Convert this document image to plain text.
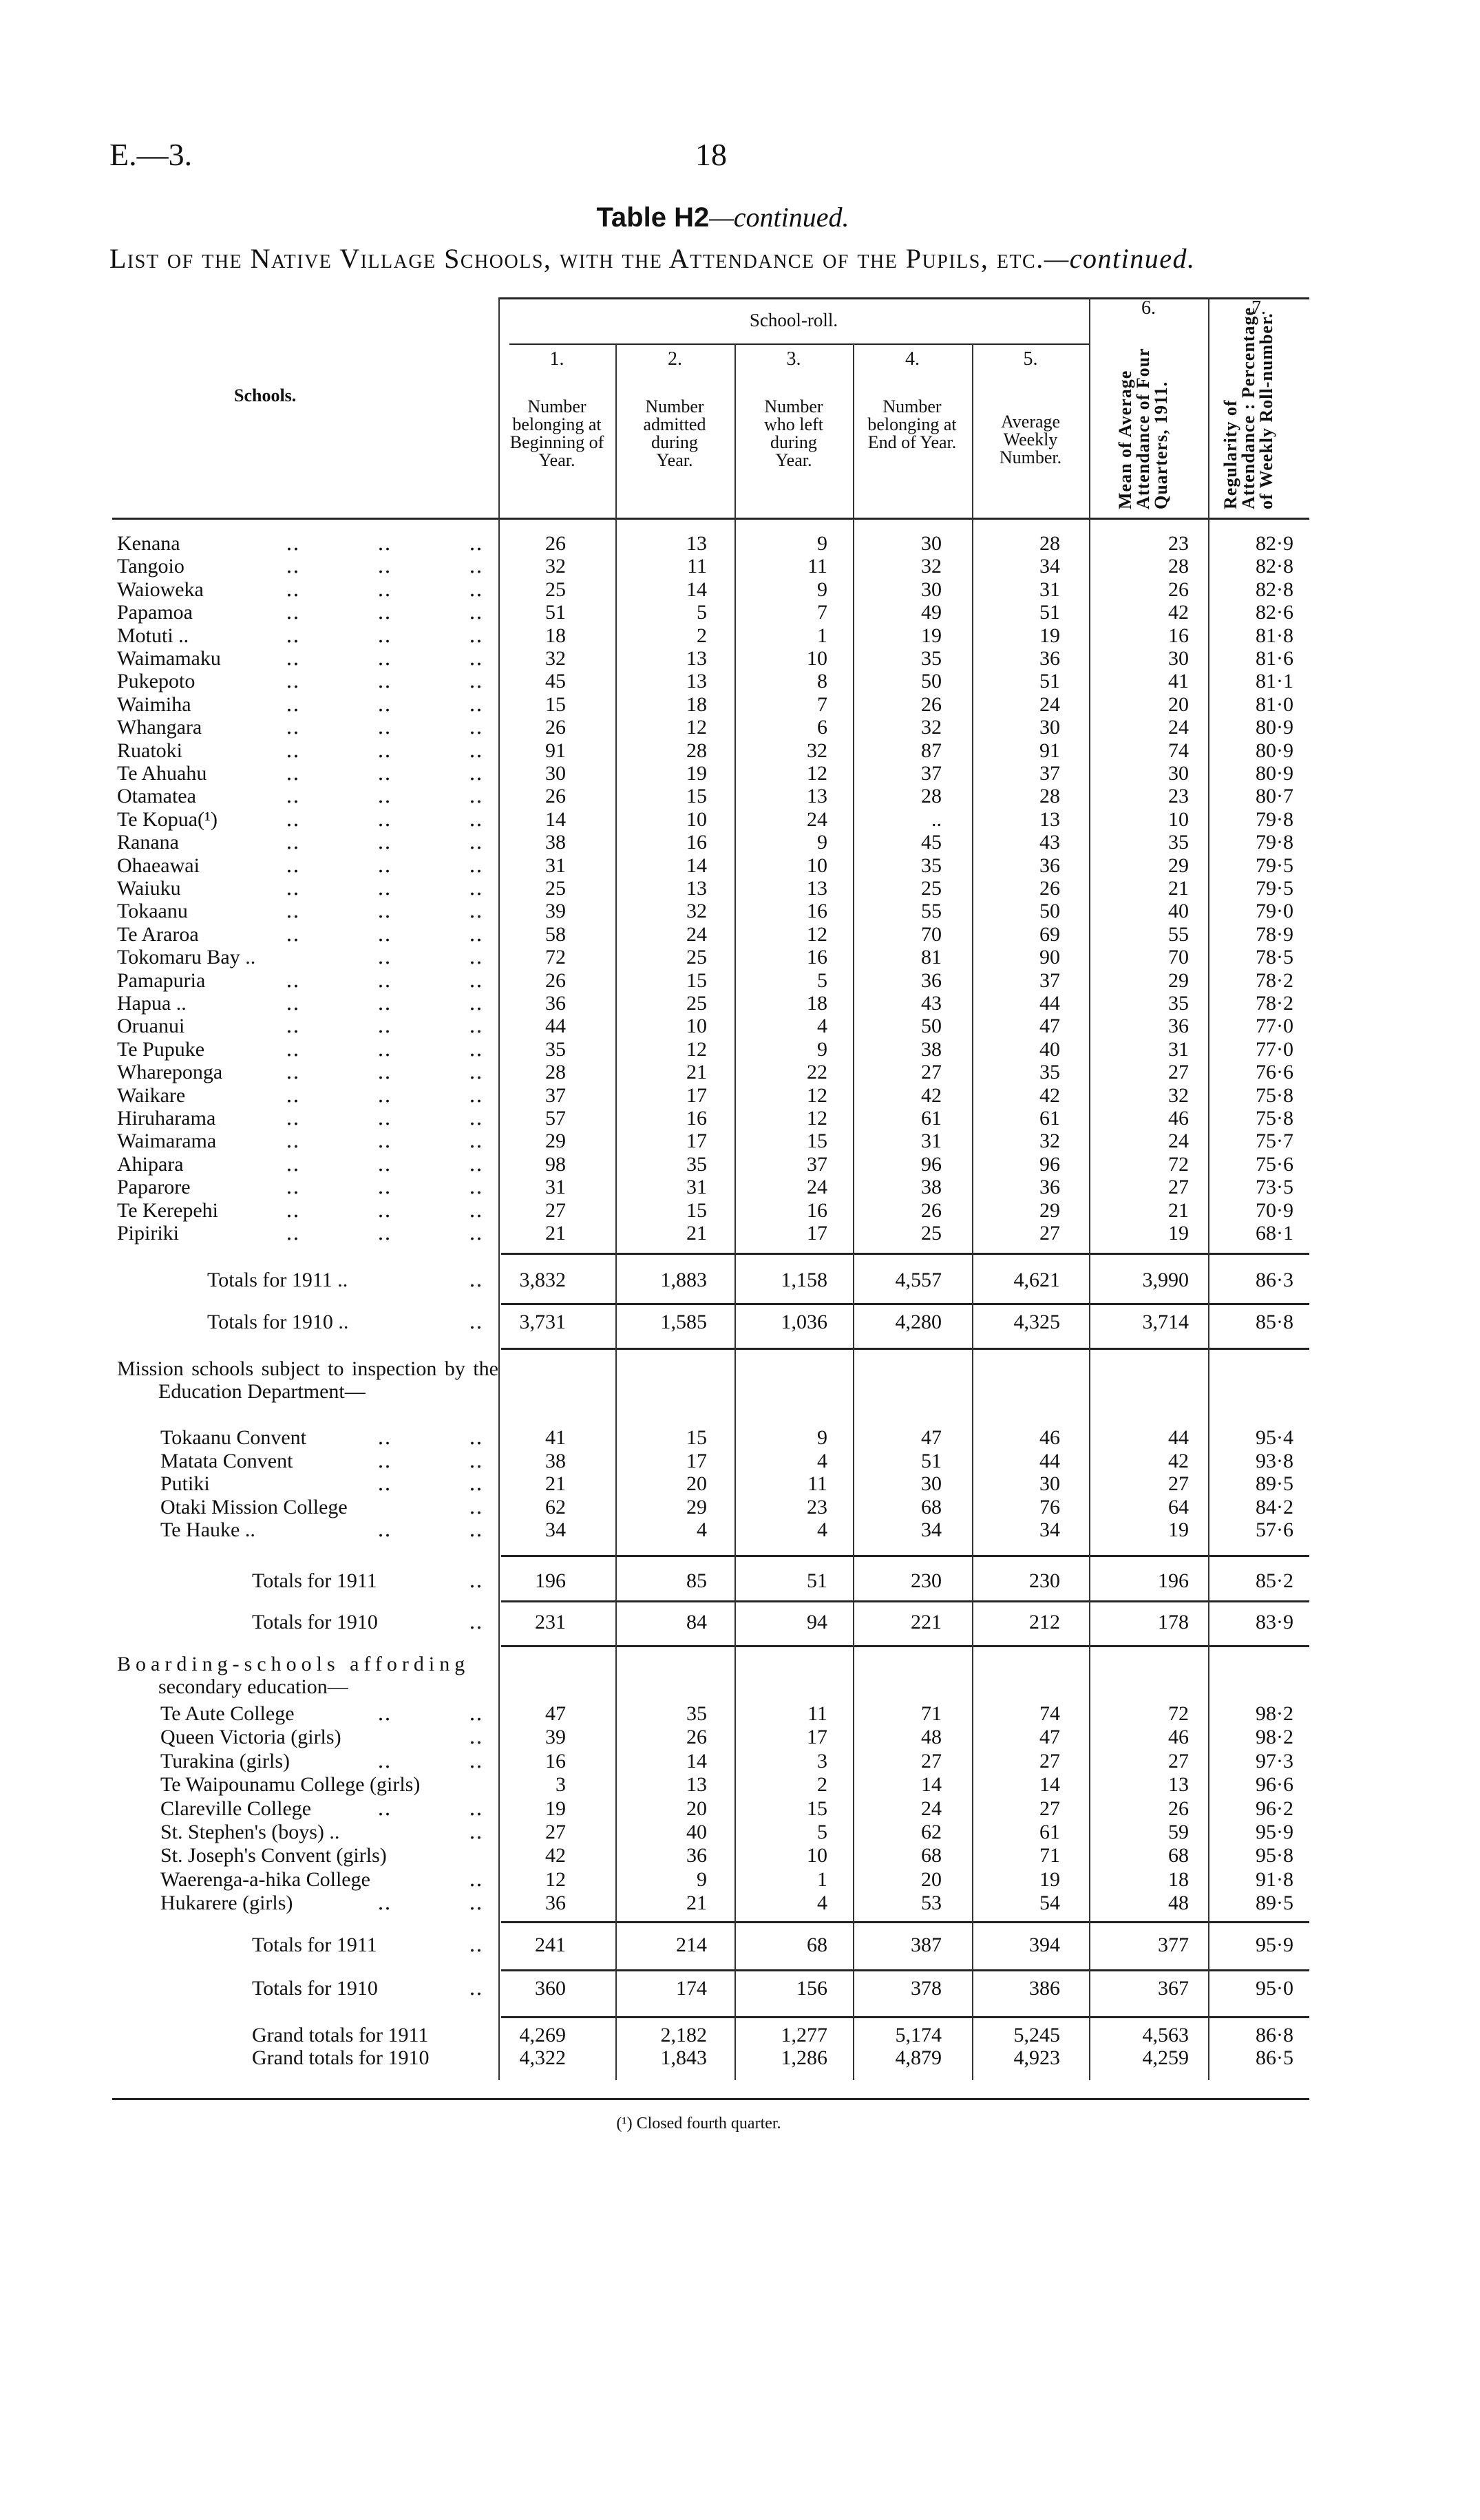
E.—3.	18
Table H2—continued.
List of the Native Village Schools, with the Attendance of the Pupils, etc.—continued.
Schools.
School-roll.
1.	2.	3.	4.	5.
6.	7.
Number belonging at Beginning of Year.
Number admitted during Year.
Number who left during Year.
Number belonging at End of Year.
Average Weekly Number.	Mean of Average Attendance of Four Quarters, 1911.	Regularity of Attendance : Percentage of Weekly Roll-number.
Mission schools subject to inspection by the Education Department—
Boarding-schools affording
secondary education—
Kenana	․․	․․	․․	26	13	9	30	28	23	82·9
Tangoio	․․	․․	․․	32	11	11	32	34	28	82·8
Waioweka	․․	․․	․․	25	14	9	30	31	26	82·8
Papamoa	․․	․․	․․	51	5	7	49	51	42	82·6
Motuti ..	․․	․․	․․	18	2	1	19	19	16	81·8
Waimamaku	․․	․․	․․	32	13	10	35	36	30	81·6
Pukepoto	․․	․․	․․	45	13	8	50	51	41	81·1
Waimiha	․․	․․	․․	15	18	7	26	24	20	81·0
Whangara	․․	․․	․․	26	12	6	32	30	24	80·9
Ruatoki	․․	․․	․․	91	28	32	87	91	74	80·9
Te Ahuahu	․․	․․	․․	30	19	12	37	37	30	80·9
Otamatea	․․	․․	․․	26	15	13	28	28	23	80·7
Te Kopua(¹)	․․	․․	․․	14	10	24	..	13	10	79·8
Ranana	․․	․․	․․	38	16	9	45	43	35	79·8
Ohaeawai	․․	․․	․․	31	14	10	35	36	29	79·5
Waiuku	․․	․․	․․	25	13	13	25	26	21	79·5
Tokaanu	․․	․․	․․	39	32	16	55	50	40	79·0
Te Araroa	․․	․․	․․	58	24	12	70	69	55	78·9
Tokomaru Bay ..	․․	․․	72	25	16	81	90	70	78·5
Pamapuria	․․	․․	․․	26	15	5	36	37	29	78·2
Hapua ..	․․	․․	․․	36	25	18	43	44	35	78·2
Oruanui	․․	․․	․․	44	10	4	50	47	36	77·0
Te Pupuke	․․	․․	․․	35	12	9	38	40	31	77·0
Whareponga	․․	․․	․․	28	21	22	27	35	27	76·6
Waikare	․․	․․	․․	37	17	12	42	42	32	75·8
Hiruharama	․․	․․	․․	57	16	12	61	61	46	75·8
Waimarama	․․	․․	․․	29	17	15	31	32	24	75·7
Ahipara	․․	․․	․․	98	35	37	96	96	72	75·6
Paparore	․․	․․	․․	31	31	24	38	36	27	73·5
Te Kerepehi	․․	․․	․․	27	15	16	26	29	21	70·9
Pipiriki	․․	․․	․․	21	21	17	25	27	19	68·1
Totals for 1911 ..	․․	3,832	1,883	1,158	4,557	4,621	3,990	86·3
Totals for 1910 ..	․․	3,731	1,585	1,036	4,280	4,325	3,714	85·8
Tokaanu Convent	․․	․․	41	15	9	47	46	44	95·4
Matata Convent	․․	․․	38	17	4	51	44	42	93·8
Putiki	․․	․․	21	20	11	30	30	27	89·5
Otaki Mission College	․․	62	29	23	68	76	64	84·2
Te Hauke ..	․․	․․	34	4	4	34	34	19	57·6
Totals for 1911	․․	196	85	51	230	230	196	85·2
Totals for 1910	․․	231	84	94	221	212	178	83·9
Te Aute College	․․	․․	47	35	11	71	74	72	98·2
Queen Victoria (girls)	․․	39	26	17	48	47	46	98·2
Turakina (girls)	․․	․․	16	14	3	27	27	27	97·3
Te Waipounamu College (girls)	3	13	2	14	14	13	96·6
Clareville College	․․	․․	19	20	15	24	27	26	96·2
St. Stephen's (boys) ..	․․	27	40	5	62	61	59	95·9
St. Joseph's Convent (girls)	42	36	10	68	71	68	95·8
Waerenga-a-hika College	․․	12	9	1	20	19	18	91·8
Hukarere (girls)	․․	․․	36	21	4	53	54	48	89·5
Totals for 1911	․․	241	214	68	387	394	377	95·9
Totals for 1910	․․	360	174	156	378	386	367	95·0
Grand totals for 1911	4,269	2,182	1,277	5,174	5,245	4,563	86·8
Grand totals for 1910	4,322	1,843	1,286	4,879	4,923	4,259	86·5
(¹) Closed fourth quarter.
